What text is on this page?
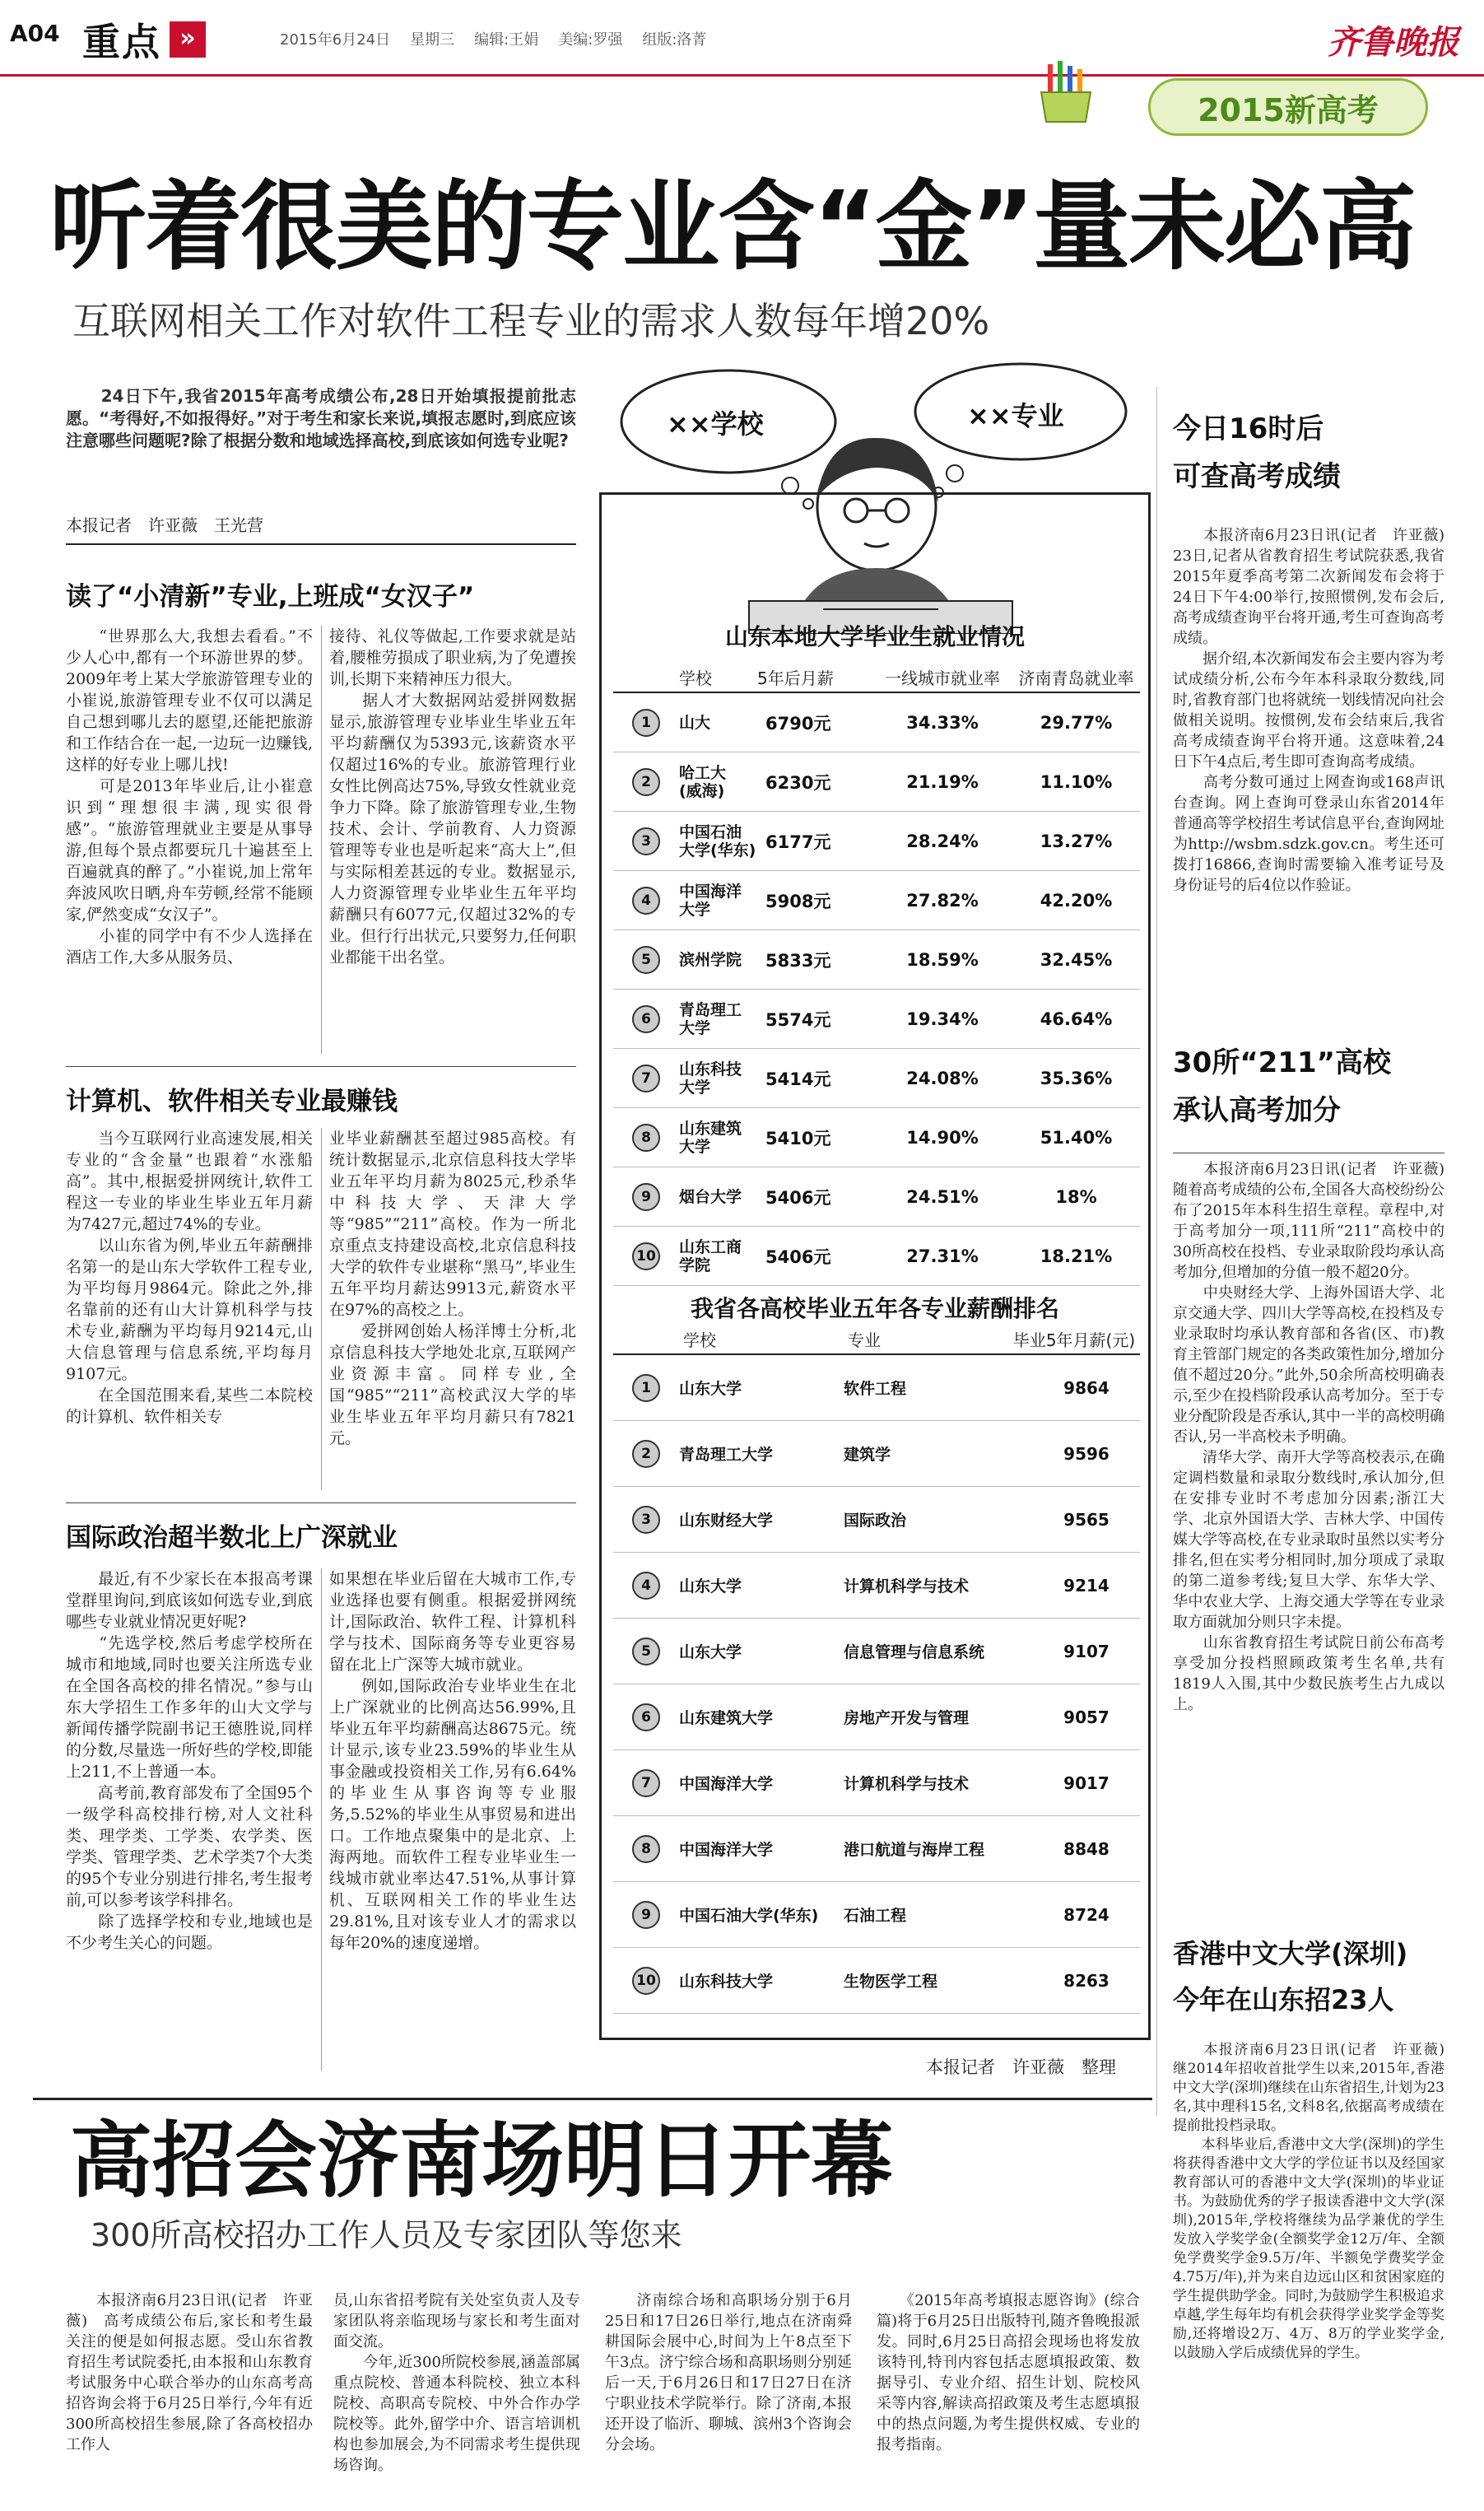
A04 重点 »	2015年6月24日 星期三 编辑:王娟 美编:罗强 组版:洛菁	齐鲁晚报
2015新高考
听着很美的专业含“金”量未必高
互联网相关工作对软件工程专业的需求人数每年增20%
　　24日下午,我省2015年高考成绩公布,28日开始填报提前批志愿。“考得好,不如报得好。”对于考生和家长来说,填报志愿时,到底应该注意哪些问题呢?除了根据分数和地域选择高校,到底该如何选专业呢?
本报记者　许亚薇　王光营
读了“小清新”专业,上班成“女汉子”
　　“世界那么大,我想去看看。”不少人心中,都有一个环游世界的梦。2009年考上某大学旅游管理专业的小崔说,旅游管理专业不仅可以满足自己想到哪儿去的愿望,还能把旅游和工作结合在一起,一边玩一边赚钱,这样的好专业上哪儿找!
　　可是2013年毕业后,让小崔意识到“理想很丰满,现实很骨感”。“旅游管理就业主要是从事导游,但每个景点都要玩几十遍甚至上百遍就真的醉了。”小崔说,加上常年奔波风吹日晒,舟车劳顿,经常不能顾家,俨然变成“女汉子”。
　　小崔的同学中有不少人选择在酒店工作,大多从服务员、
接待、礼仪等做起,工作要求就是站着,腰椎劳损成了职业病,为了免遭挨训,长期下来精神压力很大。
　　据人才大数据网站爱拼网数据显示,旅游管理专业毕业生毕业五年平均薪酬仅为5393元,该薪资水平仅超过16%的专业。旅游管理行业女性比例高达75%,导致女性就业竞争力下降。除了旅游管理专业,生物技术、会计、学前教育、人力资源管理等专业也是听起来“高大上”,但与实际相差甚远的专业。数据显示,人力资源管理专业毕业生五年平均薪酬只有6077元,仅超过32%的专业。但行行出状元,只要努力,任何职业都能干出名堂。
计算机、软件相关专业最赚钱
　　当今互联网行业高速发展,相关专业的“含金量”也跟着“水涨船高”。其中,根据爱拼网统计,软件工程这一专业的毕业生毕业五年月薪为7427元,超过74%的专业。
　　以山东省为例,毕业五年薪酬排名第一的是山东大学软件工程专业,为平均每月9864元。除此之外,排名靠前的还有山大计算机科学与技术专业,薪酬为平均每月9214元,山大信息管理与信息系统,平均每月9107元。
　　在全国范围来看,某些二本院校的计算机、软件相关专
业毕业薪酬甚至超过985高校。有统计数据显示,北京信息科技大学毕业五年平均月薪为8025元,秒杀华中科技大学、天津大学等“985”“211”高校。作为一所北京重点支持建设高校,北京信息科技大学的软件专业堪称“黑马”,毕业生五年平均月薪达9913元,薪资水平在97%的高校之上。
　　爱拼网创始人杨洋博士分析,北京信息科技大学地处北京,互联网产业资源丰富。同样专业,全国“985”“211”高校武汉大学的毕业生毕业五年平均月薪只有7821元。
国际政治超半数北上广深就业
　　最近,有不少家长在本报高考课堂群里询问,到底该如何选专业,到底哪些专业就业情况更好呢?
　　“先选学校,然后考虑学校所在城市和地域,同时也要关注所选专业在全国各高校的排名情况。”参与山东大学招生工作多年的山大文学与新闻传播学院副书记王德胜说,同样的分数,尽量选一所好些的学校,即能上211,不上普通一本。
　　高考前,教育部发布了全国95个一级学科高校排行榜,对人文社科类、理学类、工学类、农学类、医学类、管理学类、艺术学类7个大类的95个专业分别进行排名,考生报考前,可以参考该学科排名。
　　除了选择学校和专业,地域也是不少考生关心的问题。
如果想在毕业后留在大城市工作,专业选择也要有侧重。根据爱拼网统计,国际政治、软件工程、计算机科学与技术、国际商务等专业更容易留在北上广深等大城市就业。
　　例如,国际政治专业毕业生在北上广深就业的比例高达56.99%,且毕业五年平均薪酬高达8675元。统计显示,该专业23.59%的毕业生从事金融或投资相关工作,另有6.64%的毕业生从事咨询等专业服务,5.52%的毕业生从事贸易和进出口。工作地点聚集中的是北京、上海两地。而软件工程专业毕业生一线城市就业率达47.51%,从事计算机、互联网相关工作的毕业生达29.81%,且对该专业人才的需求以每年20%的速度递增。
××学校	××专业
山东本地大学毕业生就业情况
学校	5年后月薪	一线城市就业率	济南青岛就业率
1	山大	6790元	34.33%	29.77%
2	哈工大
(威海)	6230元	21.19%	11.10%
3	中国石油
大学(华东) 6177元	28.24%	13.27%
4	中国海洋
大学	5908元	27.82%	42.20%
5	滨州学院	5833元	18.59%	32.45%
6	青岛理工
大学	5574元	19.34%	46.64%
7	山东科技
大学	5414元	24.08%	35.36%
8	山东建筑
大学	5410元	14.90%	51.40%
9	烟台大学	5406元	24.51%	18%
10 山东工商
学院	5406元	27.31%	18.21%
我省各高校毕业五年各专业薪酬排名
学校	专业	毕业5年月薪(元)
1	山东大学	软件工程	9864
2	青岛理工大学	建筑学	9596
3	山东财经大学	国际政治	9565
4	山东大学	计算机科学与技术	9214
5	山东大学	信息管理与信息系统	9107
6	山东建筑大学	房地产开发与管理	9057
7	中国海洋大学	计算机科学与技术	9017
8	中国海洋大学	港口航道与海岸工程	8848
9	中国石油大学(华东)	石油工程	8724
10 山东科技大学	生物医学工程	8263
本报记者　许亚薇　整理
今日16时后
可查高考成绩
　　本报济南6月23日讯(记者　许亚薇)　23日,记者从省教育招生考试院获悉,我省2015年夏季高考第二次新闻发布会将于24日下午4:00举行,按照惯例,发布会后,高考成绩查询平台将开通,考生可查询高考成绩。
　　据介绍,本次新闻发布会主要内容为考试成绩分析,公布今年本科录取分数线,同时,省教育部门也将就统一划线情况向社会做相关说明。按惯例,发布会结束后,我省高考成绩查询平台将开通。这意味着,24日下午4点后,考生即可查询高考成绩。
　　高考分数可通过上网查询或168声讯台查询。网上查询可登录山东省2014年普通高等学校招生考试信息平台,查询网址为http://wsbm.sdzk.gov.cn。考生还可拨打16866,查询时需要输入准考证号及身份证号的后4位以作验证。
30所“211”高校
承认高考加分
　　本报济南6月23日讯(记者　许亚薇)　随着高考成绩的公布,全国各大高校纷纷公布了2015年本科生招生章程。章程中,对于高考加分一项,111所“211”高校中的30所高校在投档、专业录取阶段均承认高考加分,但增加的分值一般不超20分。
　　中央财经大学、上海外国语大学、北京交通大学、四川大学等高校,在投档及专业录取时均承认教育部和各省(区、市)教育主管部门规定的各类政策性加分,增加分值不超过20分。”此外,50余所高校明确表示,至少在投档阶段承认高考加分。至于专业分配阶段是否承认,其中一半的高校明确否认,另一半高校未予明确。
　　清华大学、南开大学等高校表示,在确定调档数量和录取分数线时,承认加分,但在安排专业时不考虑加分因素;浙江大学、北京外国语大学、吉林大学、中国传媒大学等高校,在专业录取时虽然以实考分排名,但在实考分相同时,加分项成了录取的第二道参考线;复旦大学、东华大学、华中农业大学、上海交通大学等在专业录取方面就加分则只字未提。
　　山东省教育招生考试院日前公布高考享受加分投档照顾政策考生名单,共有1819人入围,其中少数民族考生占九成以上。
香港中文大学(深圳)
今年在山东招23人
　　本报济南6月23日讯(记者　许亚薇)　继2014年招收首批学生以来,2015年,香港中文大学(深圳)继续在山东省招生,计划为23名,其中理科15名,文科8名,依据高考成绩在提前批投档录取。
　　本科毕业后,香港中文大学(深圳)的学生将获得香港中文大学的学位证书以及经国家教育部认可的香港中文大学(深圳)的毕业证书。为鼓励优秀的学子报读香港中文大学(深圳),2015年,学校将继续为品学兼优的学生发放入学奖学金(全额奖学金12万/年、全额免学费奖学金9.5万/年、半额免学费奖学金4.75万/年),并为来自边远山区和贫困家庭的学生提供助学金。同时,为鼓励学生积极追求卓越,学生每年均有机会获得学业奖学金等奖励,还将增设2万、4万、8万的学业奖学金,以鼓励入学后成绩优异的学生。
高招会济南场明日开幕
300所高校招办工作人员及专家团队等您来
　　本报济南6月23日讯(记者　许亚薇)　高考成绩公布后,家长和考生最关注的便是如何报志愿。受山东省教育招生考试院委托,由本报和山东教育考试服务中心联合举办的山东高考高招咨询会将于6月25日举行,今年有近300所高校招生参展,除了各高校招办工作人
员,山东省招考院有关处室负责人及专家团队将亲临现场与家长和考生面对面交流。
　　今年,近300所院校参展,涵盖部属重点院校、普通本科院校、独立本科院校、高职高专院校、中外合作办学院校等。此外,留学中介、语言培训机构也参加展会,为不同需求考生提供现场咨询。
　　济南综合场和高职场分别于6月25日和17日26日举行,地点在济南舜耕国际会展中心,时间为上午8点至下午3点。济宁综合场和高职场则分别延后一天,于6月26日和17日27日在济宁职业技术学院举行。除了济南,本报还开设了临沂、聊城、滨州3个咨询会分会场。
　　《2015年高考填报志愿咨询》(综合篇)将于6月25日出版特刊,随齐鲁晚报派发。同时,6月25日高招会现场也将发放该特刊,特刊内容包括志愿填报政策、数据导引、专业介绍、招生计划、院校风采等内容,解读高招政策及考生志愿填报中的热点问题,为考生提供权威、专业的报考指南。
